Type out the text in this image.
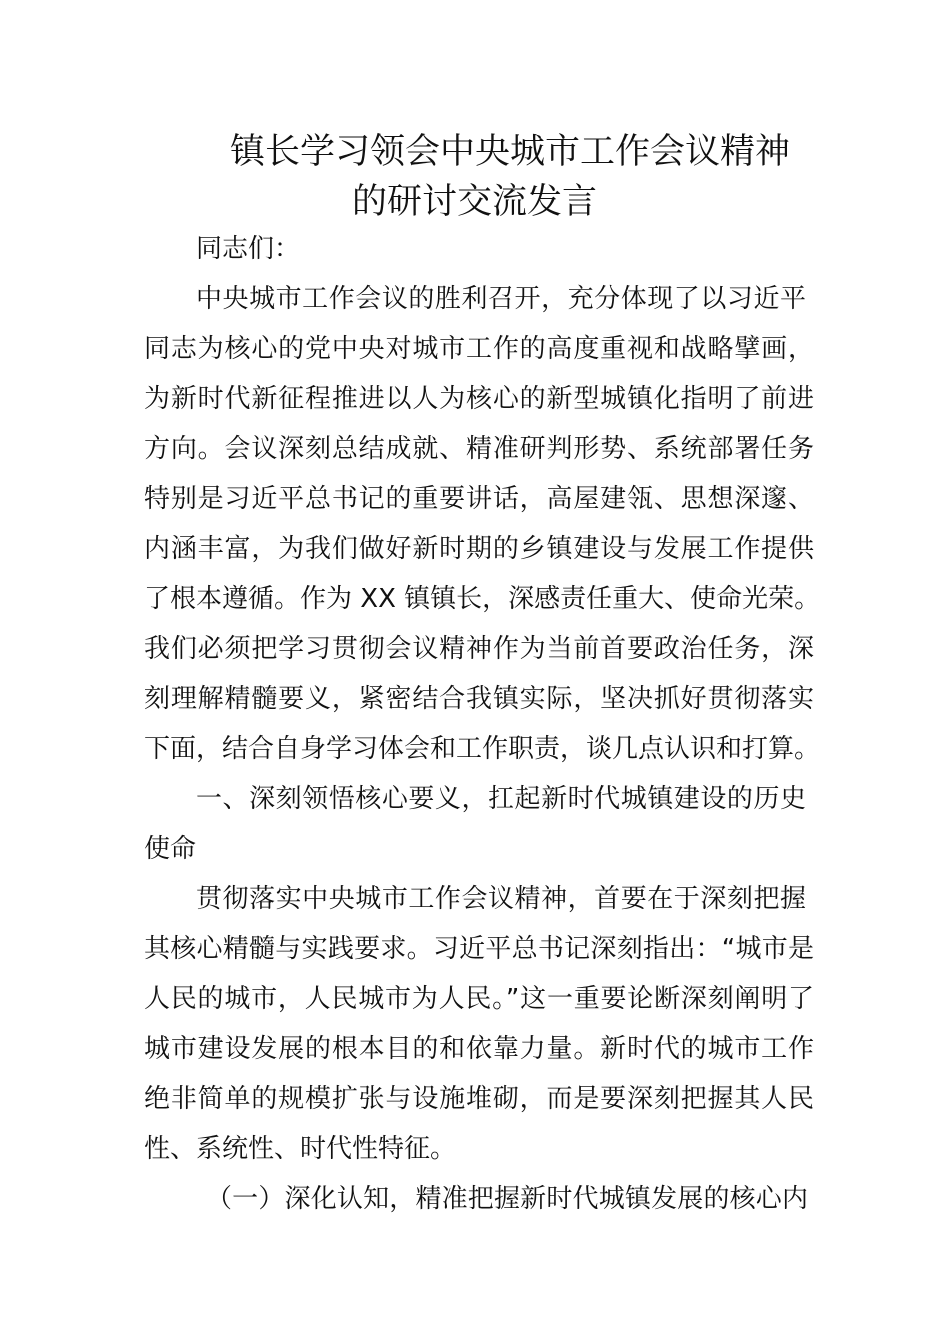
镇长学习领会中央城市工作会议精神
的研讨交流发言
同志们：
中央城市工作会议的胜利召开，充分体现了以习近平
同志为核心的党中央对城市工作的高度重视和战略擘画，
为新时代新征程推进以人为核心的新型城镇化指明了前进
方向。会议深刻总结成就、精准研判形势、系统部署任务
特别是习近平总书记的重要讲话，高屋建瓴、思想深邃、
内涵丰富，为我们做好新时期的乡镇建设与发展工作提供
了根本遵循。作为 XX 镇镇长，深感责任重大、使命光荣。
我们必须把学习贯彻会议精神作为当前首要政治任务，深
刻理解精髓要义，紧密结合我镇实际，坚决抓好贯彻落实
下面，结合自身学习体会和工作职责，谈几点认识和打算。
一、深刻领悟核心要义，扛起新时代城镇建设的历史
使命
贯彻落实中央城市工作会议精神，首要在于深刻把握
其核心精髓与实践要求。习近平总书记深刻指出：“城市是
人民的城市，人民城市为人民。”这一重要论断深刻阐明了
城市建设发展的根本目的和依靠力量。新时代的城市工作
绝非简单的规模扩张与设施堆砌，而是要深刻把握其人民
性、系统性、时代性特征。
（一）深化认知，精准把握新时代城镇发展的核心内
